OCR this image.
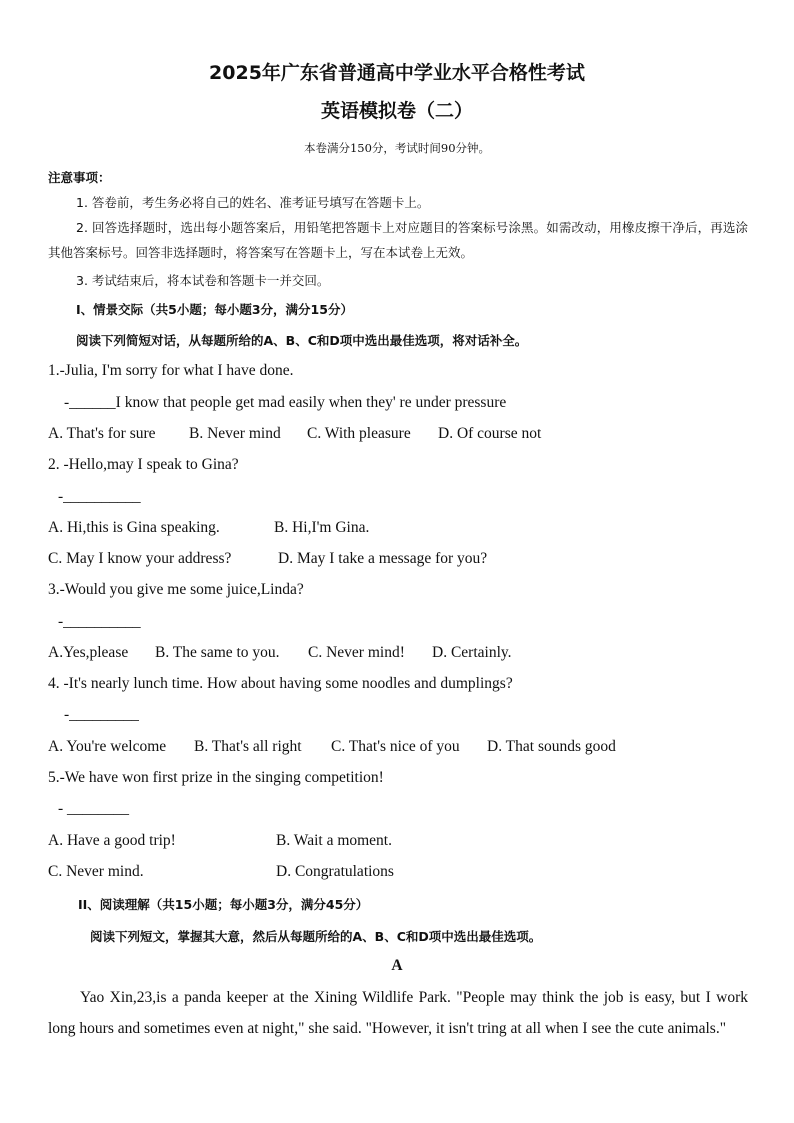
2025年广东省普通高中学业水平合格性考试
英语模拟卷（二）
本卷满分150分，考试时间90分钟。
注意事项：
1. 答卷前，考生务必将自己的姓名、准考证号填写在答题卡上。
2. 回答选择题时，选出每小题答案后，用铅笔把答题卡上对应题目的答案标号涂黑。如需改动，用橡皮擦干净后，再选涂其他答案标号。回答非选择题时，将答案写在答题卡上，写在本试卷上无效。
3. 考试结束后，将本试卷和答题卡一并交回。
I、情景交际（共5小题；每小题3分，满分15分）
阅读下列简短对话，从每题所给的A、B、C和D项中选出最佳选项，将对话补全。
1.-Julia, I'm sorry for what I have done.
-______I know that people get mad easily when they' re under pressure
A. That's for sure B. Never mind C. With pleasure D. Of course not
2. -Hello,may I speak to Gina?
-__________
A. Hi,this is Gina speaking.	B. Hi,I'm Gina.
C. May I know your address?	D. May I take a message for you?
3.-Would you give me some juice,Linda?
-__________
A.Yes,please B. The same to you. C. Never mind! D. Certainly.
4. -It's nearly lunch time. How about having some noodles and dumplings?
-_________
A. You're welcome B. That's all right C. That's nice of you D. That sounds good
5.-We have won first prize in the singing competition!
- ________
A. Have a good trip!	B. Wait a moment.
C. Never mind.	D. Congratulations
II、阅读理解（共15小题；每小题3分，满分45分）
阅读下列短文，掌握其大意，然后从每题所给的A、B、C和D项中选出最佳选项。
A
Yao Xin,23,is a panda keeper at the Xining Wildlife Park. "People may think the job is easy, but I work long hours and sometimes even at night," she said. "However, it isn't tring at all when I see the cute animals."
